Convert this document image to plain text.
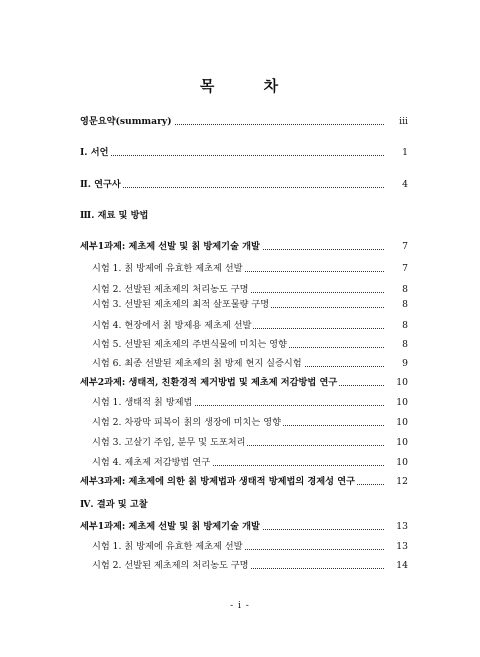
목 차
영문요약(summary)	iii
Ⅰ. 서언	1
Ⅱ. 연구사	4
Ⅲ. 재료 및 방법
세부1과제: 제초제 선발 및 칡 방제기술 개발	7
시험 1. 칡 방제에 유효한 제초제 선발	7
시험 2. 선발된 제초제의 처리농도 구명	8
시험 3. 선발된 제초제의 최적 살포물량 구명	8
시험 4. 현장에서 칡 방제용 제초제 선발	8
시험 5. 선발된 제초제의 주변식물에 미치는 영향	8
시험 6. 최종 선발된 제초제의 칡 방제 현지 실증시험	9
세부2과제: 생태적, 친환경적 제거방법 및 제초제 저감방법 연구	10
시험 1. 생태적 칡 방제법	10
시험 2. 차광막 피복이 칡의 생장에 미치는 영향	10
시험 3. 고살기 주입, 분무 및 도포처리	10
시험 4. 제초제 저감방법 연구	10
세부3과제: 제초제에 의한 칡 방제법과 생태적 방제법의 경제성 연구	12
Ⅳ. 결과 및 고찰
세부1과제: 제초제 선발 및 칡 방제기술 개발	13
시험 1. 칡 방제에 유효한 제초제 선발	13
시험 2. 선발된 제초제의 처리농도 구명	14
- i -
